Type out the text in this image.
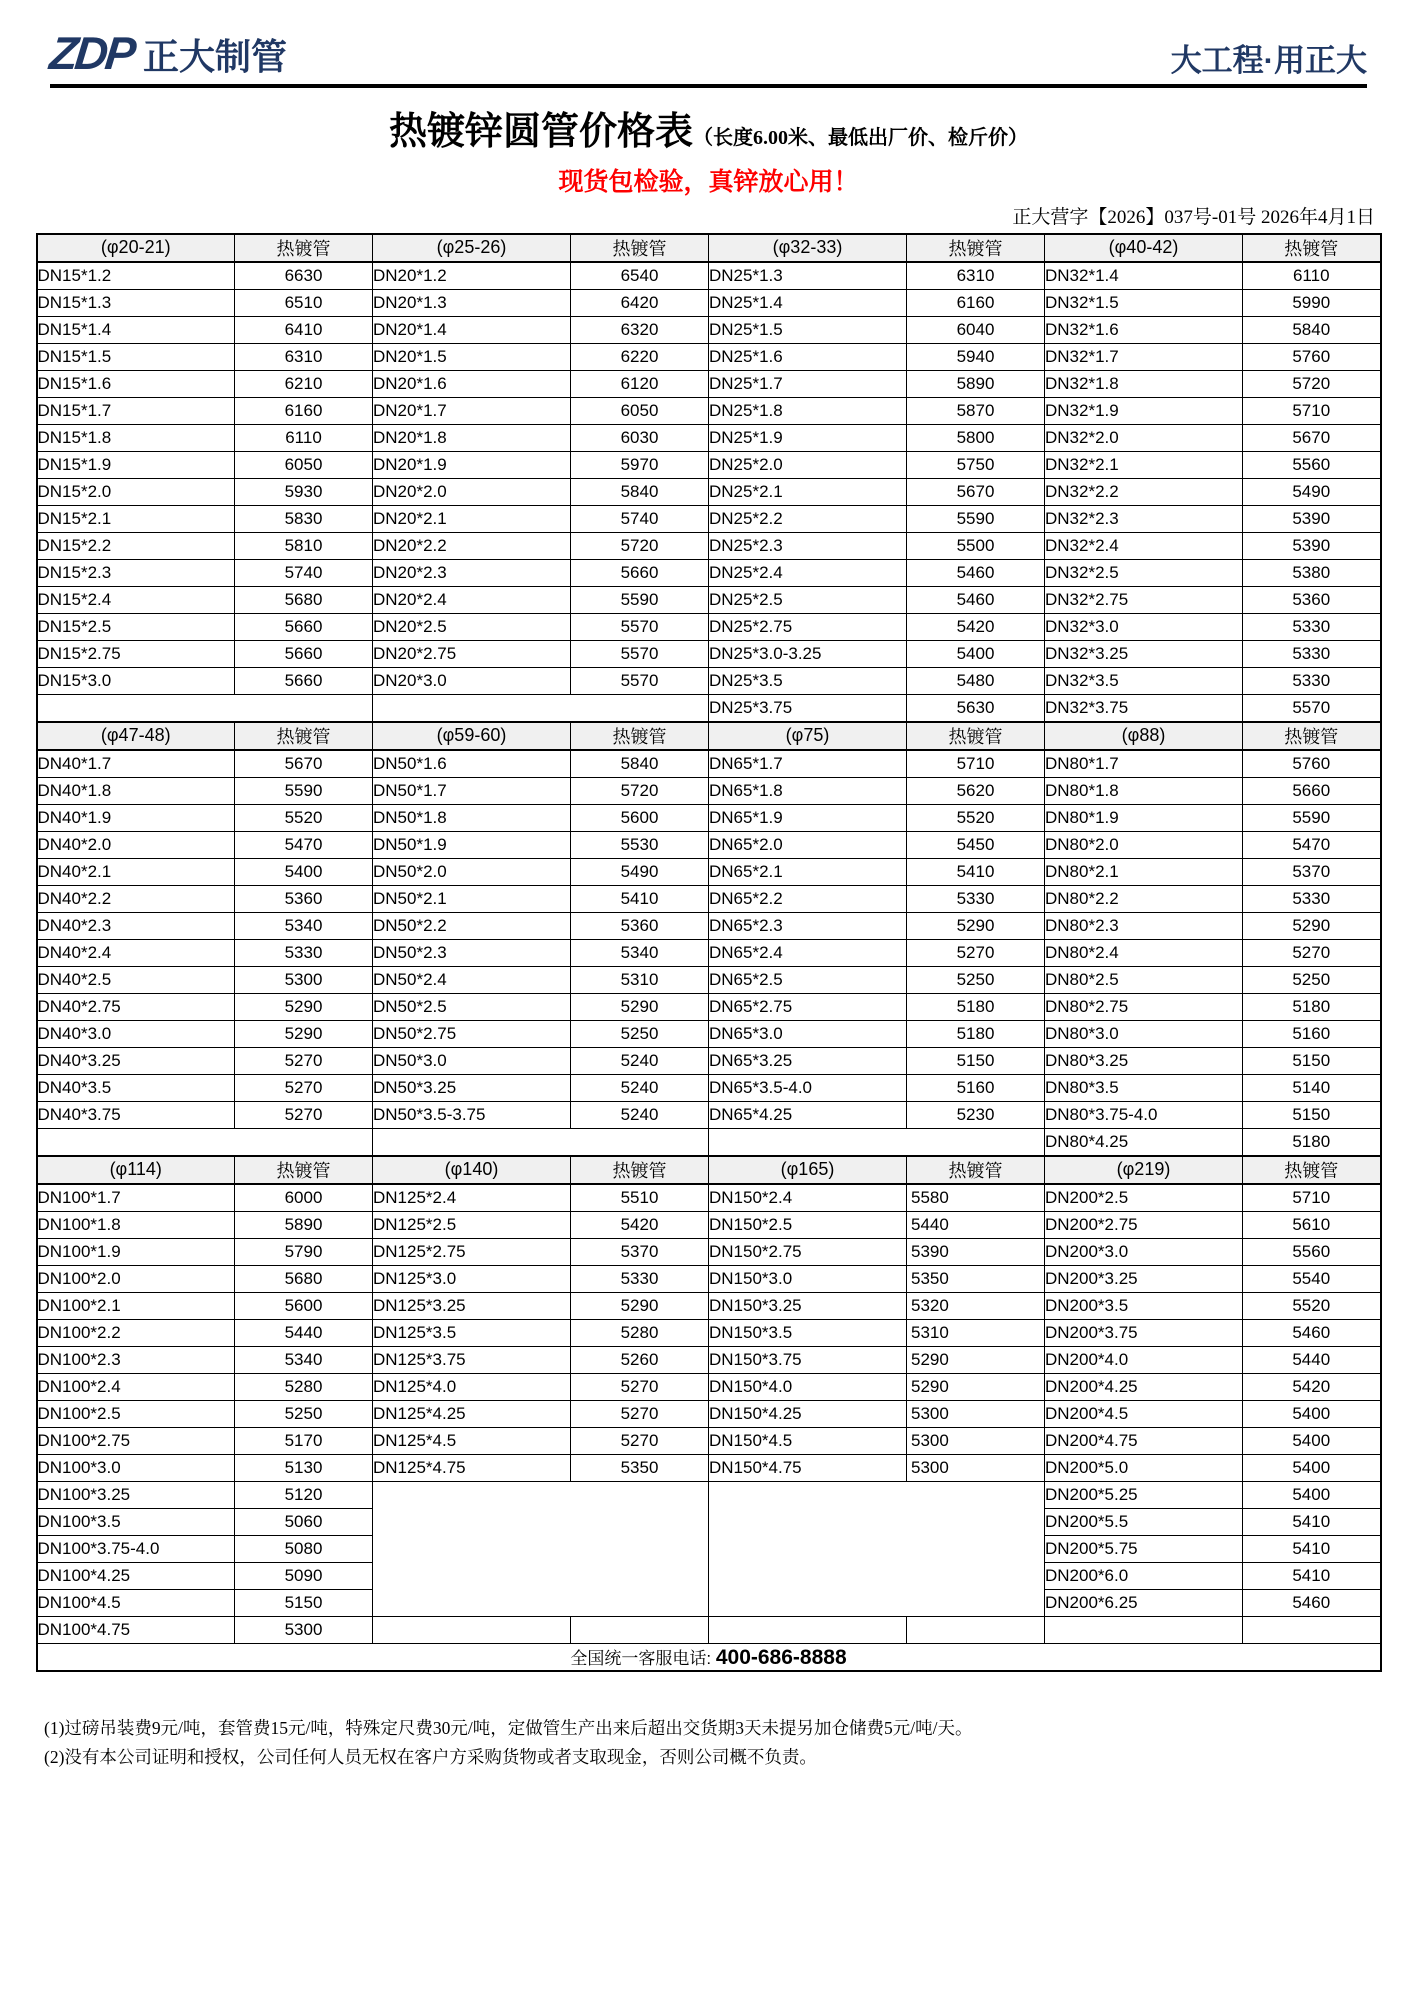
ZDP 正大制管	大工程·用正大
热镀锌圆管价格表（长度6.00米、最低出厂价、检斤价）
现货包检验，真锌放心用！
正大营字【2026】037号-01号 2026年4月1日
(φ20-21)	热镀管	(φ25-26)	热镀管	(φ32-33)	热镀管	(φ40-42)	热镀管
DN15*1.2	6630	DN20*1.2	6540	DN25*1.3	6310	DN32*1.4	6110
DN15*1.3	6510	DN20*1.3	6420	DN25*1.4	6160	DN32*1.5	5990
DN15*1.4	6410	DN20*1.4	6320	DN25*1.5	6040	DN32*1.6	5840
DN15*1.5	6310	DN20*1.5	6220	DN25*1.6	5940	DN32*1.7	5760
DN15*1.6	6210	DN20*1.6	6120	DN25*1.7	5890	DN32*1.8	5720
DN15*1.7	6160	DN20*1.7	6050	DN25*1.8	5870	DN32*1.9	5710
DN15*1.8	6110	DN20*1.8	6030	DN25*1.9	5800	DN32*2.0	5670
DN15*1.9	6050	DN20*1.9	5970	DN25*2.0	5750	DN32*2.1	5560
DN15*2.0	5930	DN20*2.0	5840	DN25*2.1	5670	DN32*2.2	5490
DN15*2.1	5830	DN20*2.1	5740	DN25*2.2	5590	DN32*2.3	5390
DN15*2.2	5810	DN20*2.2	5720	DN25*2.3	5500	DN32*2.4	5390
DN15*2.3	5740	DN20*2.3	5660	DN25*2.4	5460	DN32*2.5	5380
DN15*2.4	5680	DN20*2.4	5590	DN25*2.5	5460	DN32*2.75	5360
DN15*2.5	5660	DN20*2.5	5570	DN25*2.75	5420	DN32*3.0	5330
DN15*2.75	5660	DN20*2.75	5570	DN25*3.0-3.25	5400	DN32*3.25	5330
DN15*3.0	5660	DN20*3.0	5570	DN25*3.5	5480	DN32*3.5	5330
				DN25*3.75	5630	DN32*3.75	5570
(φ47-48)	热镀管	(φ59-60)	热镀管	(φ75)	热镀管	(φ88)	热镀管
DN40*1.7	5670	DN50*1.6	5840	DN65*1.7	5710	DN80*1.7	5760
DN40*1.8	5590	DN50*1.7	5720	DN65*1.8	5620	DN80*1.8	5660
DN40*1.9	5520	DN50*1.8	5600	DN65*1.9	5520	DN80*1.9	5590
DN40*2.0	5470	DN50*1.9	5530	DN65*2.0	5450	DN80*2.0	5470
DN40*2.1	5400	DN50*2.0	5490	DN65*2.1	5410	DN80*2.1	5370
DN40*2.2	5360	DN50*2.1	5410	DN65*2.2	5330	DN80*2.2	5330
DN40*2.3	5340	DN50*2.2	5360	DN65*2.3	5290	DN80*2.3	5290
DN40*2.4	5330	DN50*2.3	5340	DN65*2.4	5270	DN80*2.4	5270
DN40*2.5	5300	DN50*2.4	5310	DN65*2.5	5250	DN80*2.5	5250
DN40*2.75	5290	DN50*2.5	5290	DN65*2.75	5180	DN80*2.75	5180
DN40*3.0	5290	DN50*2.75	5250	DN65*3.0	5180	DN80*3.0	5160
DN40*3.25	5270	DN50*3.0	5240	DN65*3.25	5150	DN80*3.25	5150
DN40*3.5	5270	DN50*3.25	5240	DN65*3.5-4.0	5160	DN80*3.5	5140
DN40*3.75	5270	DN50*3.5-3.75	5240	DN65*4.25	5230	DN80*3.75-4.0	5150
						DN80*4.25	5180
(φ114)	热镀管	(φ140)	热镀管	(φ165)	热镀管	(φ219)	热镀管
DN100*1.7	6000	DN125*2.4	5510	DN150*2.4	5580	DN200*2.5	5710
DN100*1.8	5890	DN125*2.5	5420	DN150*2.5	5440	DN200*2.75	5610
DN100*1.9	5790	DN125*2.75	5370	DN150*2.75	5390	DN200*3.0	5560
DN100*2.0	5680	DN125*3.0	5330	DN150*3.0	5350	DN200*3.25	5540
DN100*2.1	5600	DN125*3.25	5290	DN150*3.25	5320	DN200*3.5	5520
DN100*2.2	5440	DN125*3.5	5280	DN150*3.5	5310	DN200*3.75	5460
DN100*2.3	5340	DN125*3.75	5260	DN150*3.75	5290	DN200*4.0	5440
DN100*2.4	5280	DN125*4.0	5270	DN150*4.0	5290	DN200*4.25	5420
DN100*2.5	5250	DN125*4.25	5270	DN150*4.25	5300	DN200*4.5	5400
DN100*2.75	5170	DN125*4.5	5270	DN150*4.5	5300	DN200*4.75	5400
DN100*3.0	5130	DN125*4.75	5350	DN150*4.75	5300	DN200*5.0	5400
DN100*3.25	5120					DN200*5.25	5400
DN100*3.5	5060					DN200*5.5	5410
DN100*3.75-4.0	5080					DN200*5.75	5410
DN100*4.25	5090					DN200*6.0	5410
DN100*4.5	5150					DN200*6.25	5460
DN100*4.75	5300						
全国统一客服电话: 400-686-8888							
(1)过磅吊装费9元/吨，套管费15元/吨，特殊定尺费30元/吨，定做管生产出来后超出交货期3天未提另加仓储费5元/吨/天。
(2)没有本公司证明和授权，公司任何人员无权在客户方采购货物或者支取现金，否则公司概不负责。
